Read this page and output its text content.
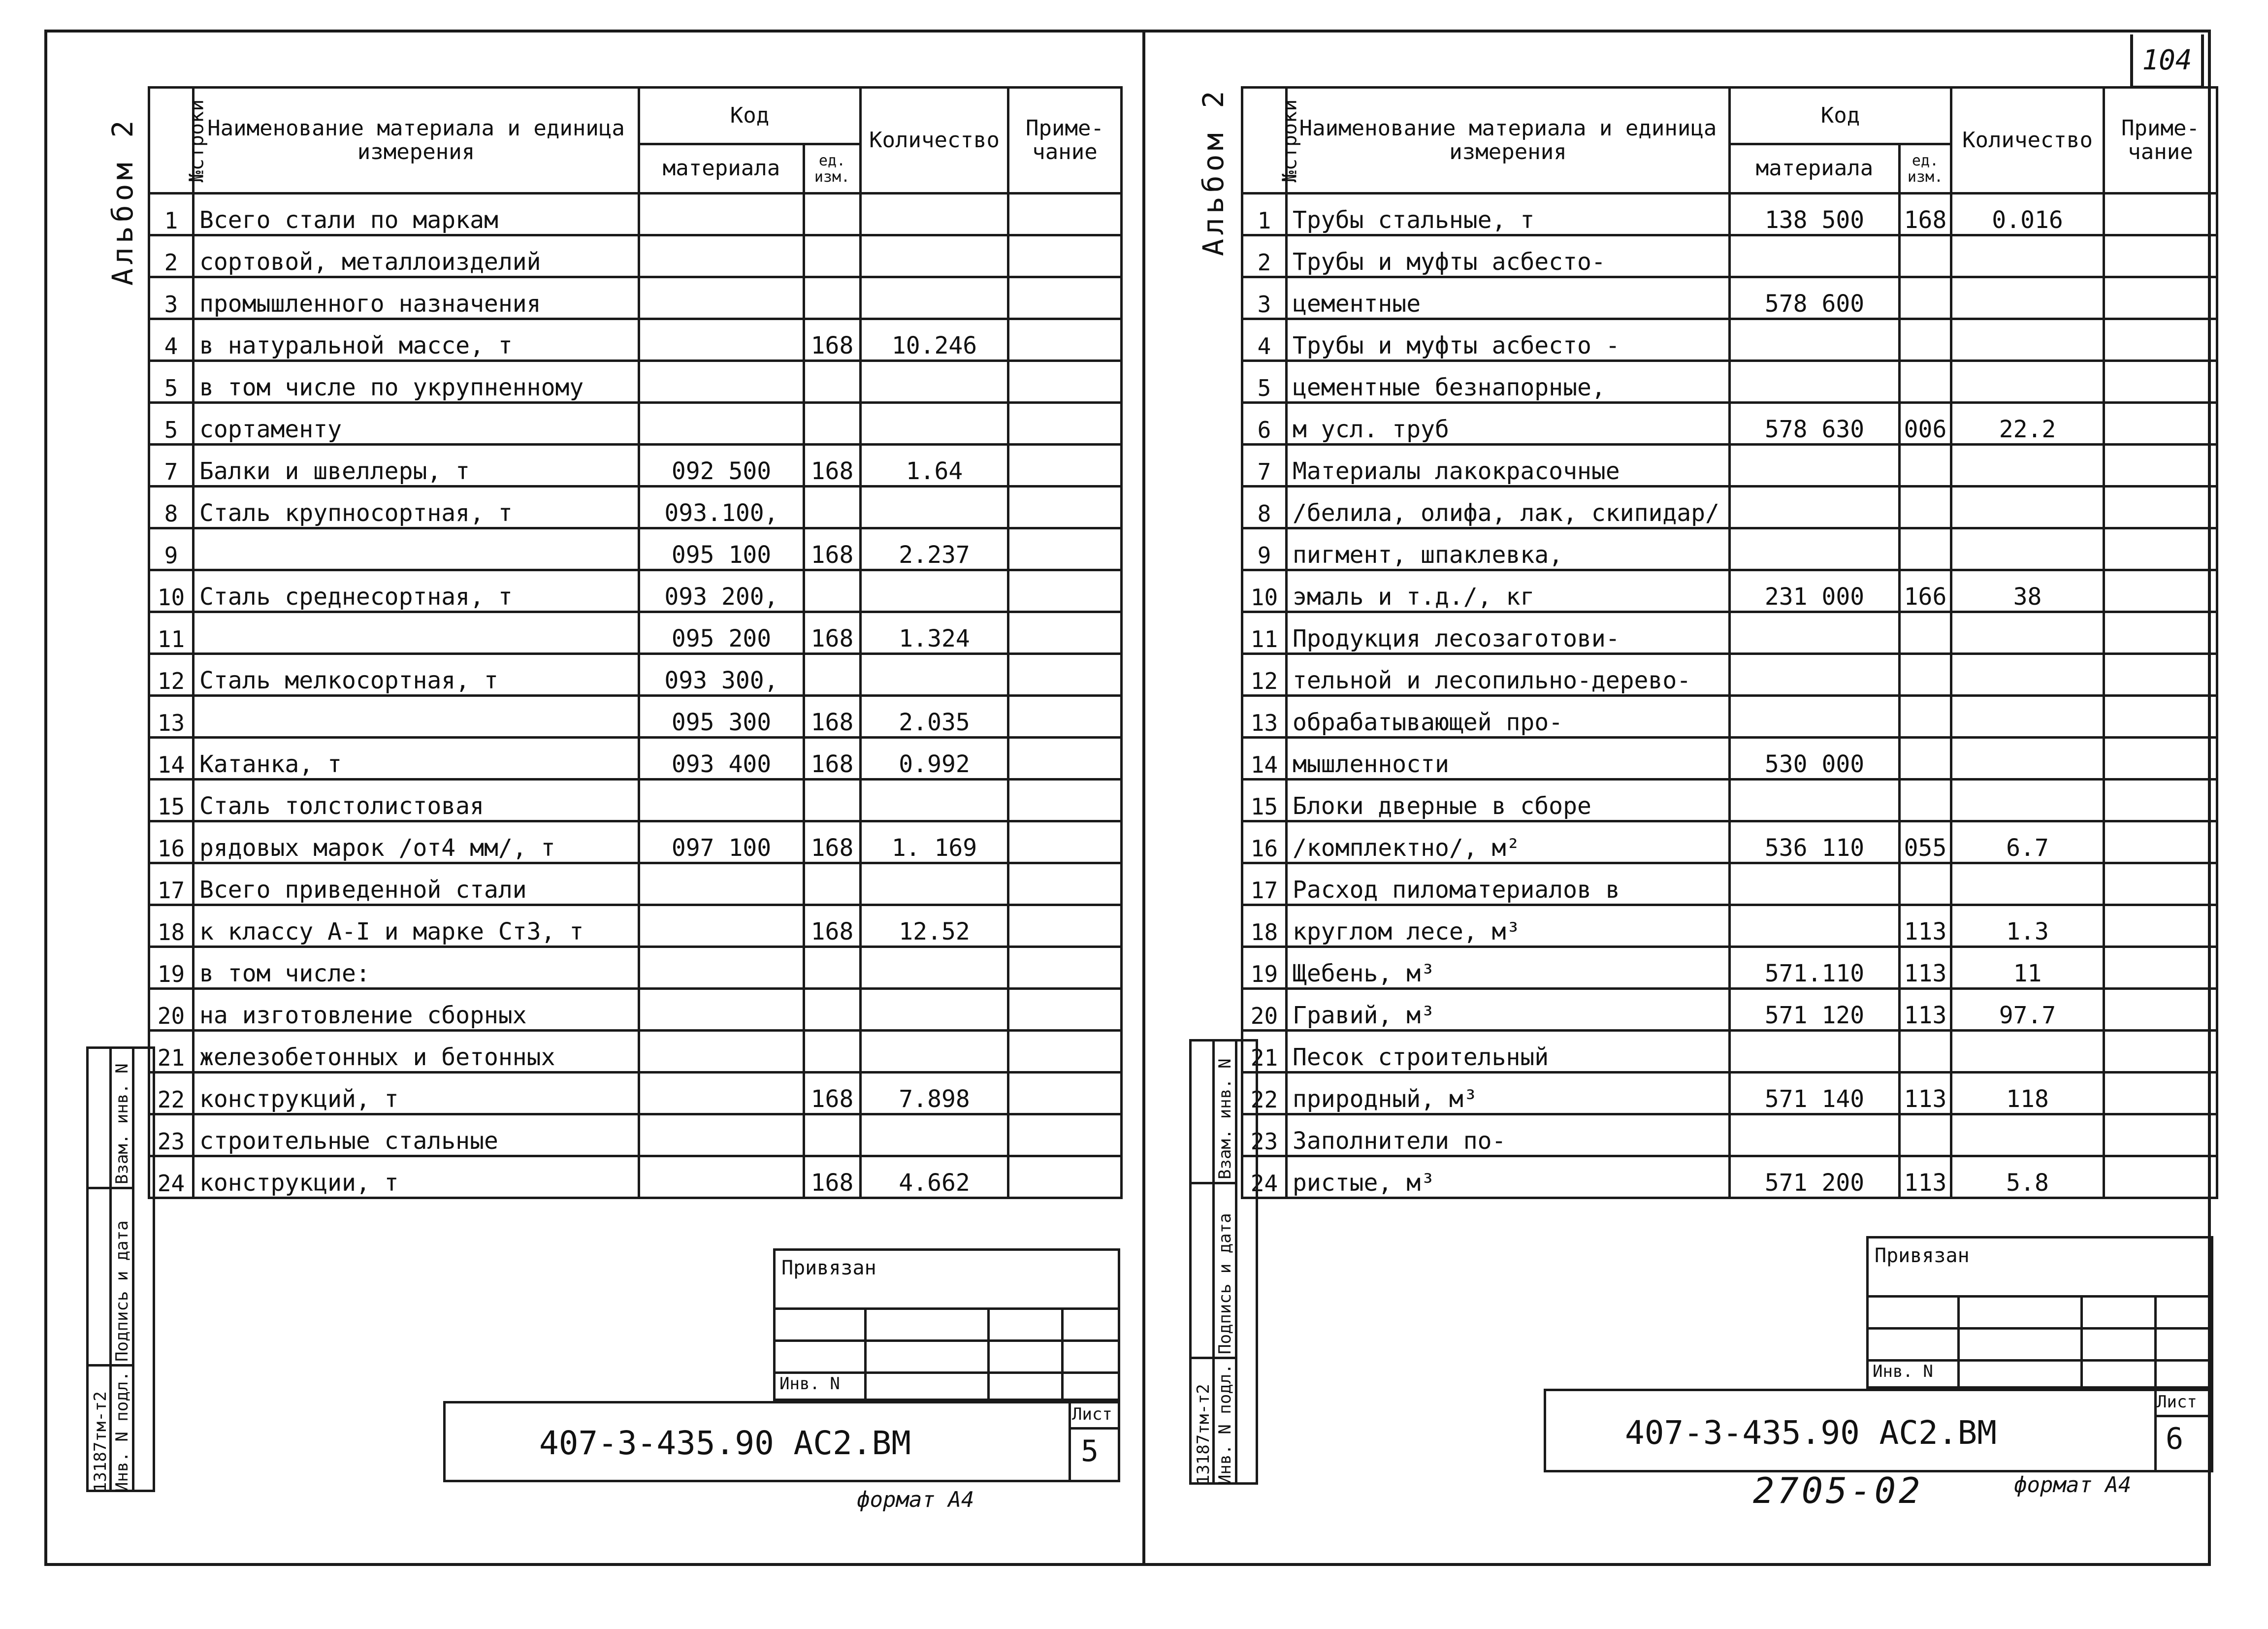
104
Альбом 2 №строки	Наименование материала и единица измерения	Код		Количество	Приме- чание
		материала	ед. изм.		
1	Всего стали по маркам				
2	сортовой, металлоизделий				
3	промышленного назначения				
4	в натуральной массе, т		168	10.246	
5	в том числе по укрупненному				
5	сортаменту				
7	Балки и швеллеры, т	092 500	168	1.64	
8	Сталь крупносортная, т	093.100,			
9		095 100	168	2.237	
10	Сталь среднесортная, т	093 200,			
11		095 200	168	1.324	
12	Сталь мелкосортная, т	093 300,			
13		095 300	168	2.035	
14	Катанка, т	093 400	168	0.992	
15	Сталь толстолистовая				
16	рядовых марок /от4 мм/, т	097 100	168	1. 169	
17	Всего приведенной стали				
18	к классу А-I и марке Ст3, т		168	12.52	
19	в том числе:				
20	на изготовление сборных				
21	железобетонных и бетонных				
22	конструкций, т		168	7.898	
23	строительные стальные				
24	конструкции, т		168	4.662	
13187тм-т2 Инв. N подл.
Подпись и дата
Взам. инв. N
Привязан
Инв. N
407-3-435.90 АС2.ВМ
Лист
5
формат А4
Альбом 2 №строки	Наименование материала и единица измерения	Код		Количество	Приме- чание
		материала	ед. изм.		
1	Трубы стальные, т	138 500	168	0.016	
2	Трубы и муфты асбесто-				
3	цементные	578 600			
4	Трубы и муфты асбесто -				
5	цементные безнапорные,				
6	м усл. труб	578 630	006	22.2	
7	Материалы лакокрасочные				
8	/белила, олифа, лак, скипидар/				
9	пигмент, шпаклевка,				
10	эмаль и т.д./, кг	231 000	166	38	
11	Продукция лесозаготови-				
12	тельной и лесопильно-дерево-				
13	обрабатывающей про-				
14	мышленности	530 000			
15	Блоки дверные в сборе				
16	/комплектно/, м²	536 110	055	6.7	
17	Расход пиломатериалов в				
18	круглом лесе, м³		113	1.3	
19	Щебень, м³	571.110	113	11	
20	Гравий, м³	571 120	113	97.7	
21	Песок строительный				
22	природный, м³	571 140	113	118	
23	Заполнители по-				
24	ристые, м³	571 200	113	5.8	
13187тм-т2 Инв. N подл.
Подпись и дата
Взам. инв. N
Привязан
Инв. N
407-3-435.90 АС2.ВМ
Лист
6
2705-02	формат А4
